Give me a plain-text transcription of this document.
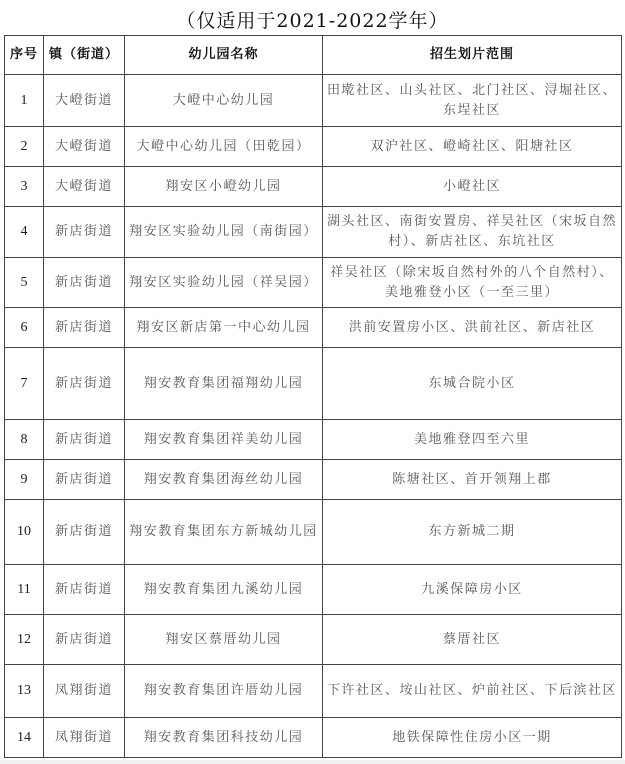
（仅适用于2021-2022学年）
序号	镇（街道）	幼儿园名称	招生划片范围
1	大嶝街道	大嶝中心幼儿园	田墘社区、山头社区、北门社区、浔堀社区、东埕社区
2	大嶝街道	大嶝中心幼儿园（田乾园）	双沪社区、嶝崎社区、阳塘社区
3	大嶝街道	翔安区小嶝幼儿园	小嶝社区
4	新店街道	翔安区实验幼儿园（南街园）	湖头社区、南街安置房、祥吴社区（宋坂自然村）、新店社区、东坑社区
5	新店街道	翔安区实验幼儿园（祥吴园）	祥吴社区（除宋坂自然村外的八个自然村）、美地雅登小区（一至三里）
6	新店街道	翔安区新店第一中心幼儿园	洪前安置房小区、洪前社区、新店社区
7	新店街道	翔安教育集团福翔幼儿园	东城合院小区
8	新店街道	翔安教育集团祥美幼儿园	美地雅登四至六里
9	新店街道	翔安教育集团海丝幼儿园	陈塘社区、首开领翔上郡
10	新店街道	翔安教育集团东方新城幼儿园	东方新城二期
11	新店街道	翔安教育集团九溪幼儿园	九溪保障房小区
12	新店街道	翔安区蔡厝幼儿园	蔡厝社区
13	凤翔街道	翔安教育集团许厝幼儿园	下许社区、垵山社区、炉前社区、下后滨社区
14	凤翔街道	翔安教育集团科技幼儿园	地铁保障性住房小区一期
